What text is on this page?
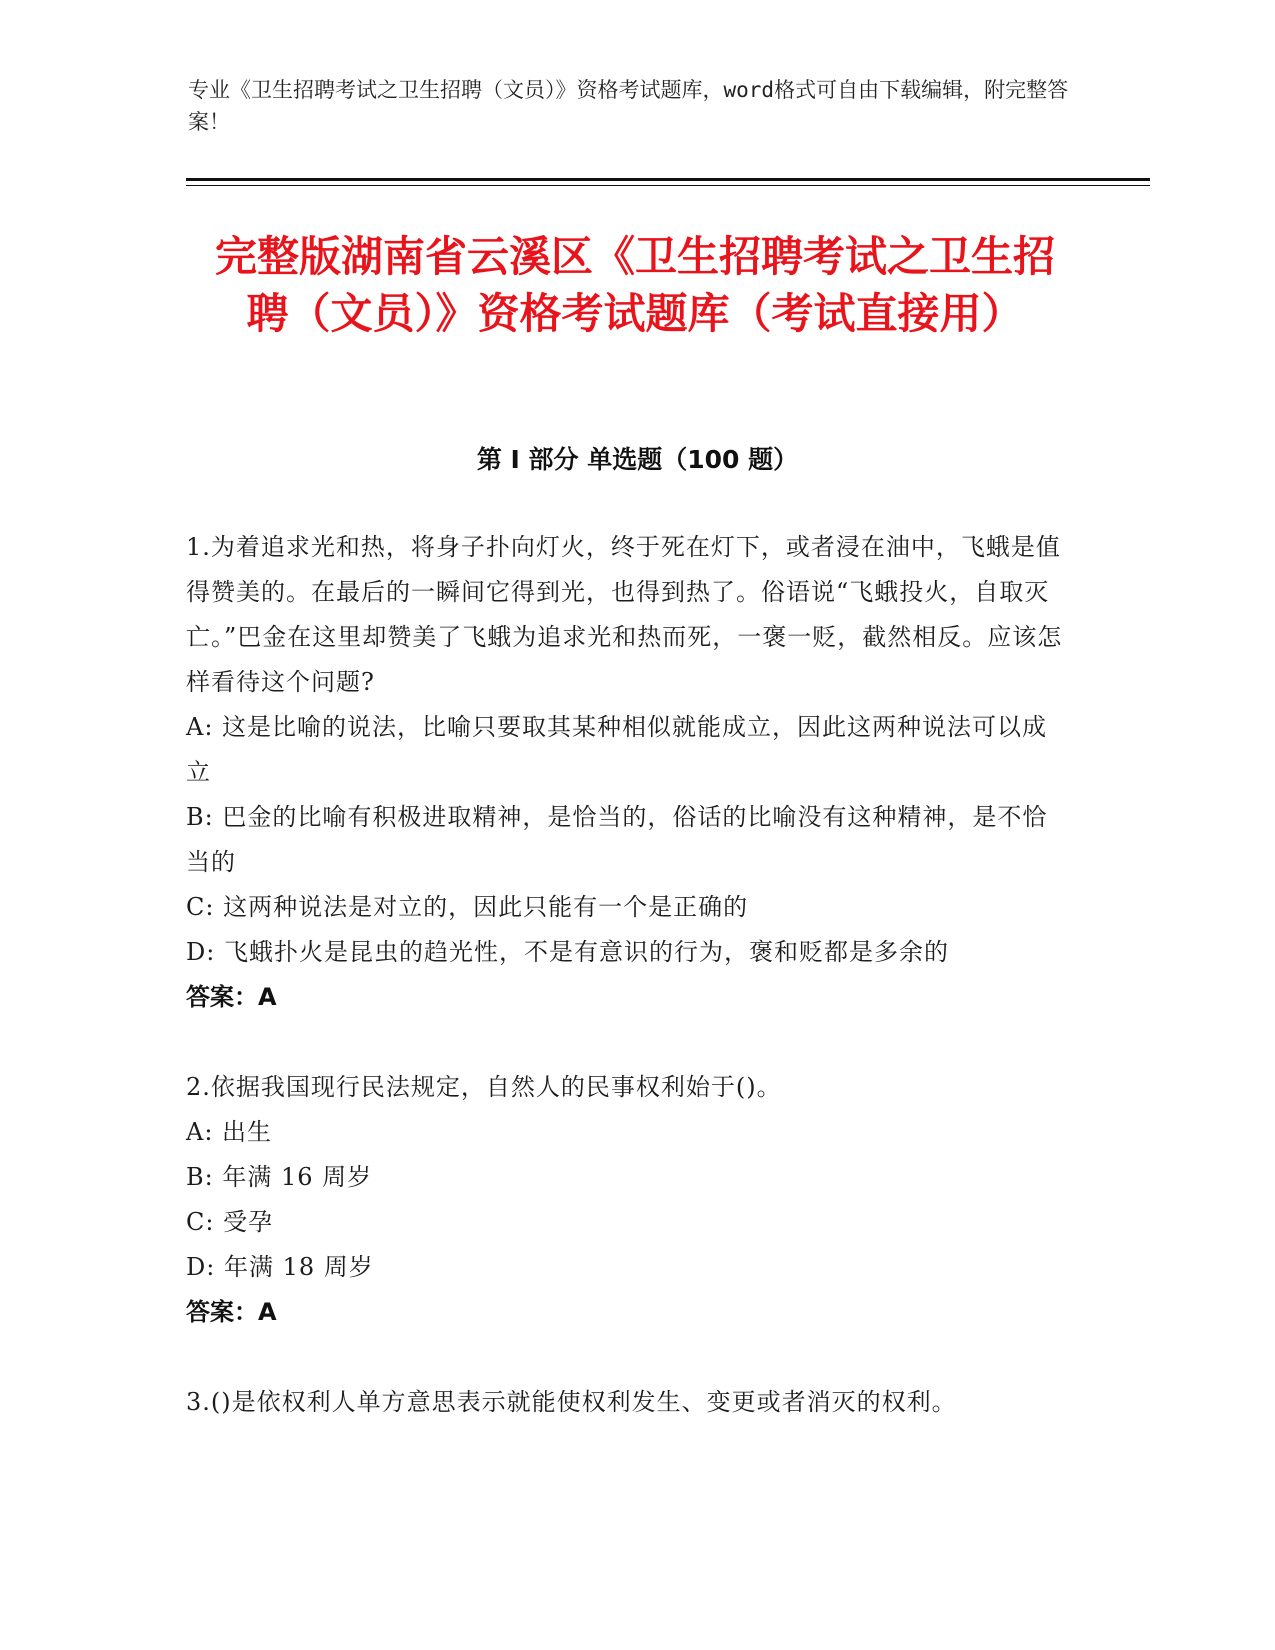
专业《卫生招聘考试之卫生招聘（文员）》资格考试题库，word格式可自由下载编辑，附完整答案！
完整版湖南省云溪区《卫生招聘考试之卫生招聘（文员）》资格考试题库（考试直接用）
第 I 部分 单选题（100 题）
1.为着追求光和热，将身子扑向灯火，终于死在灯下，或者浸在油中，飞蛾是值得赞美的。在最后的一瞬间它得到光，也得到热了。俗语说“飞蛾投火，自取灭亡。”巴金在这里却赞美了飞蛾为追求光和热而死，一褒一贬，截然相反。应该怎样看待这个问题?
A: 这是比喻的说法，比喻只要取其某种相似就能成立，因此这两种说法可以成立
B: 巴金的比喻有积极进取精神，是恰当的，俗话的比喻没有这种精神，是不恰当的
C: 这两种说法是对立的，因此只能有一个是正确的
D: 飞蛾扑火是昆虫的趋光性，不是有意识的行为，褒和贬都是多余的
答案：A
2.依据我国现行民法规定，自然人的民事权利始于()。
A: 出生
B: 年满 16 周岁
C: 受孕
D: 年满 18 周岁
答案：A
3.()是依权利人单方意思表示就能使权利发生、变更或者消灭的权利。
